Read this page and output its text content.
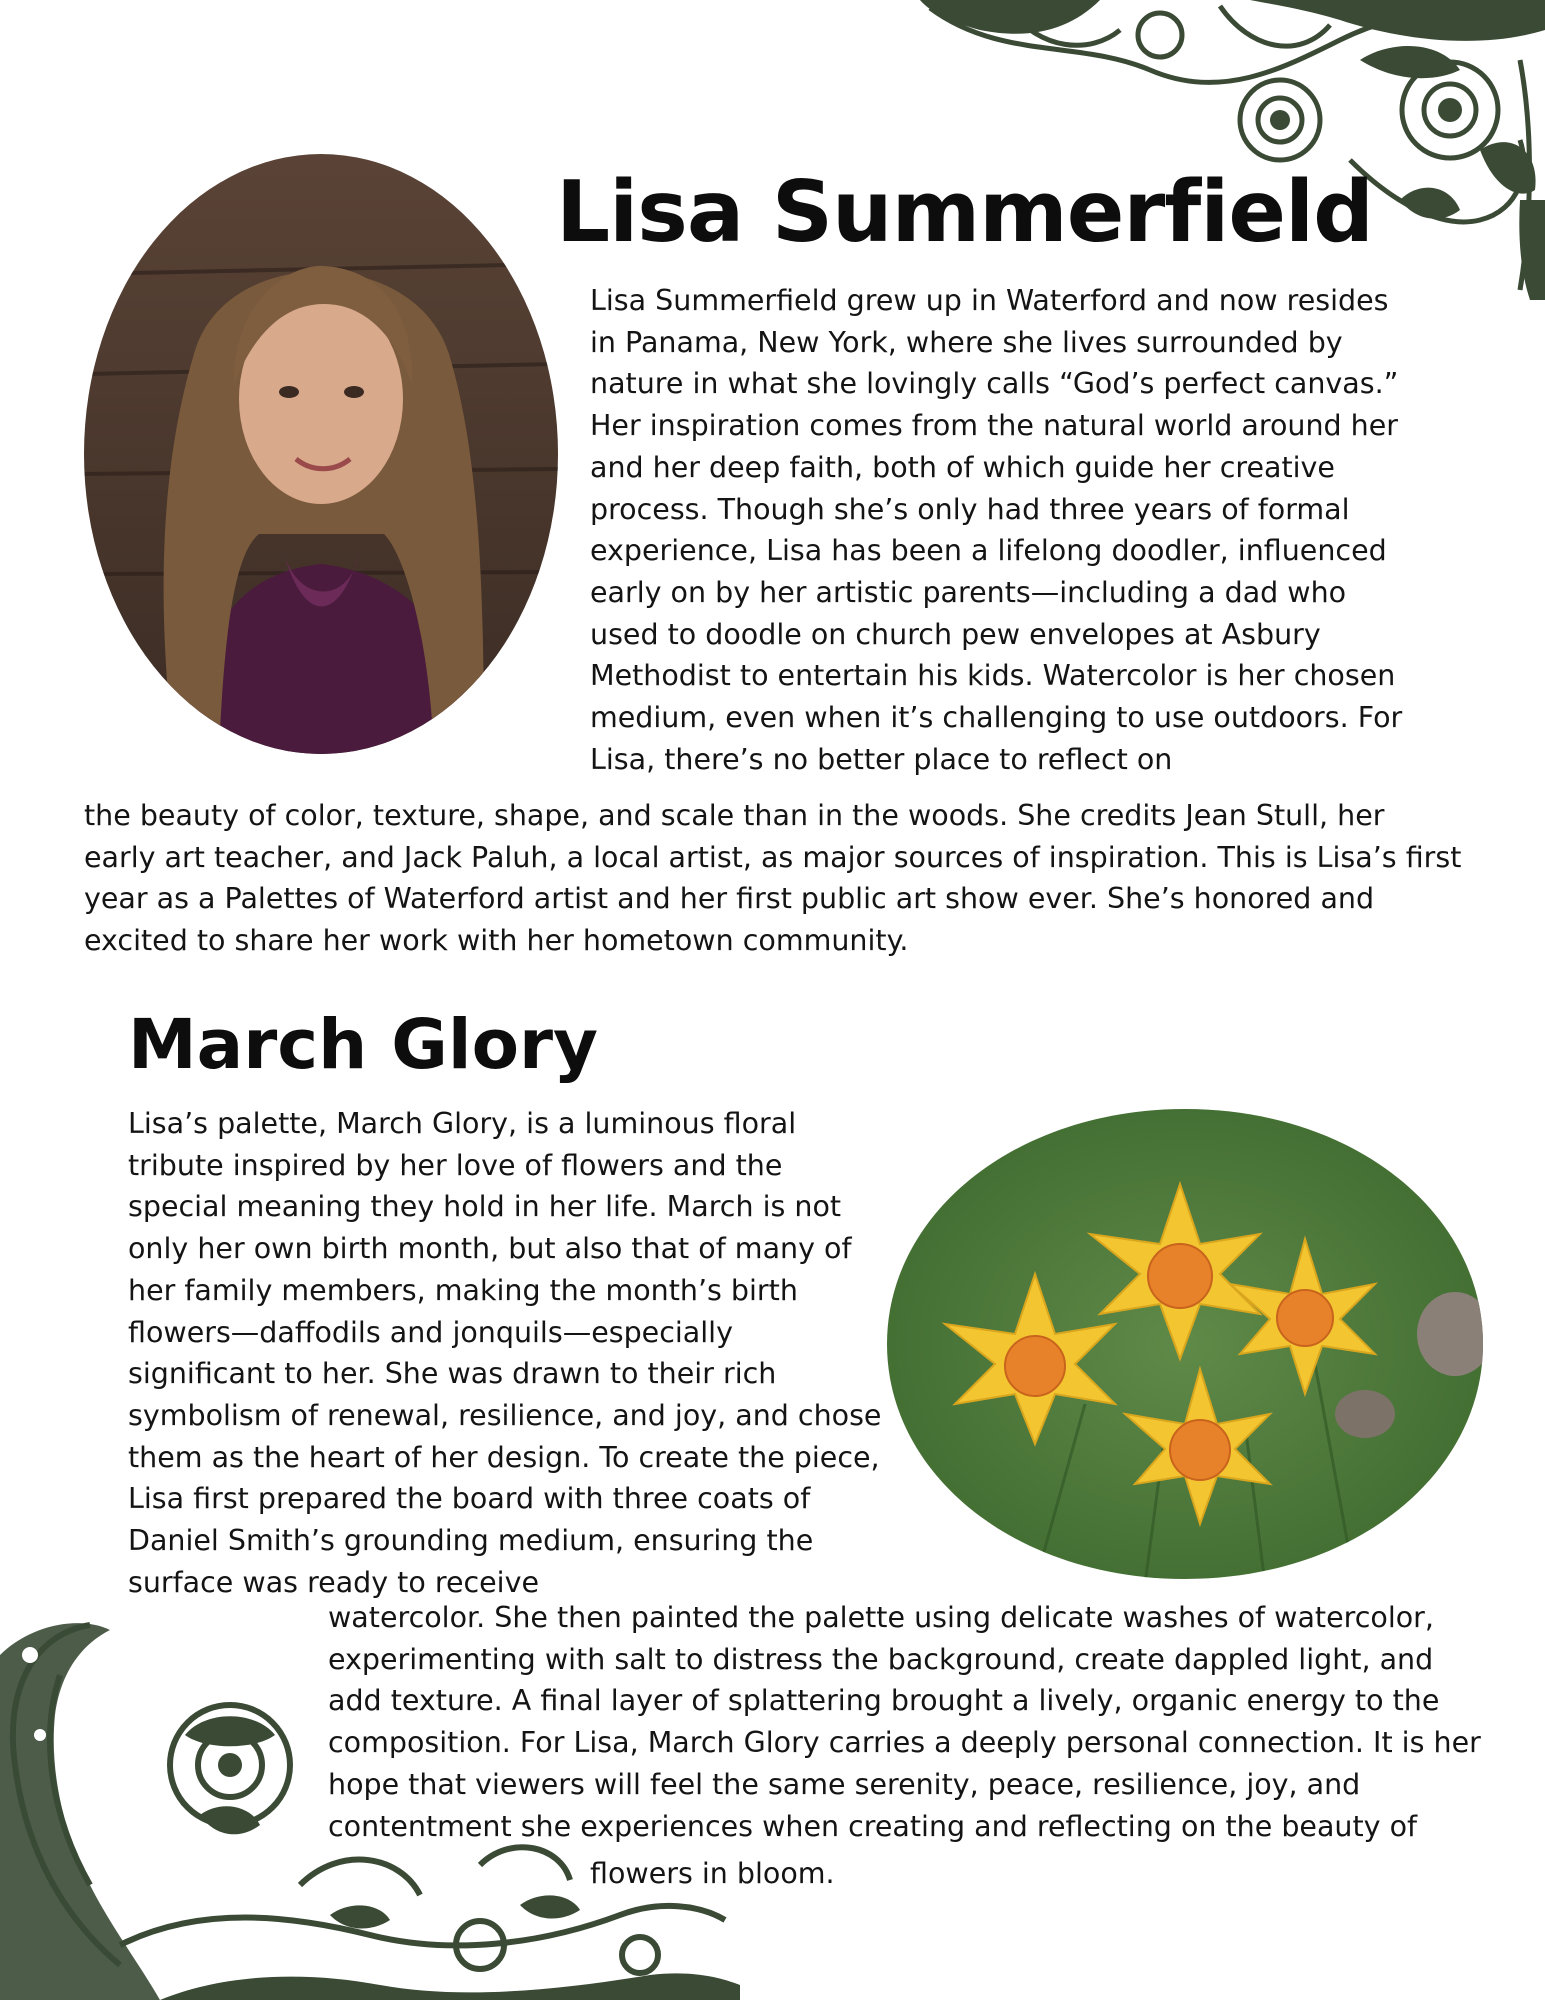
Lisa Summerfield

Lisa Summerfield grew up in Waterford and now resides in Panama, New York, where she lives surrounded by nature in what she lovingly calls “God’s perfect canvas.” Her inspiration comes from the natural world around her and her deep faith, both of which guide her creative process. Though she’s only had three years of formal experience, Lisa has been a lifelong doodler, influenced early on by her artistic parents—including a dad who used to doodle on church pew envelopes at Asbury Methodist to entertain his kids. Watercolor is her chosen medium, even when it’s challenging to use outdoors. For Lisa, there’s no better place to reflect on

the beauty of color, texture, shape, and scale than in the woods. She credits Jean Stull, her early art teacher, and Jack Paluh, a local artist, as major sources of inspiration. This is Lisa’s first year as a Palettes of Waterford artist and her first public art show ever. She’s honored and excited to share her work with her hometown community.

March Glory

Lisa’s palette, March Glory, is a luminous floral tribute inspired by her love of flowers and the special meaning they hold in her life. March is not only her own birth month, but also that of many of her family members, making the month’s birth flowers—daffodils and jonquils—especially significant to her. She was drawn to their rich symbolism of renewal, resilience, and joy, and chose them as the heart of her design. To create the piece, Lisa first prepared the board with three coats of Daniel Smith’s grounding medium, ensuring the surface was ready to receive

watercolor. She then painted the palette using delicate washes of watercolor, experimenting with salt to distress the background, create dappled light, and add texture. A final layer of splattering brought a lively, organic energy to the composition. For Lisa, March Glory carries a deeply personal connection. It is her hope that viewers will feel the same serenity, peace, resilience, joy, and contentment she experiences when creating and reflecting on the beauty of

flowers in bloom.
